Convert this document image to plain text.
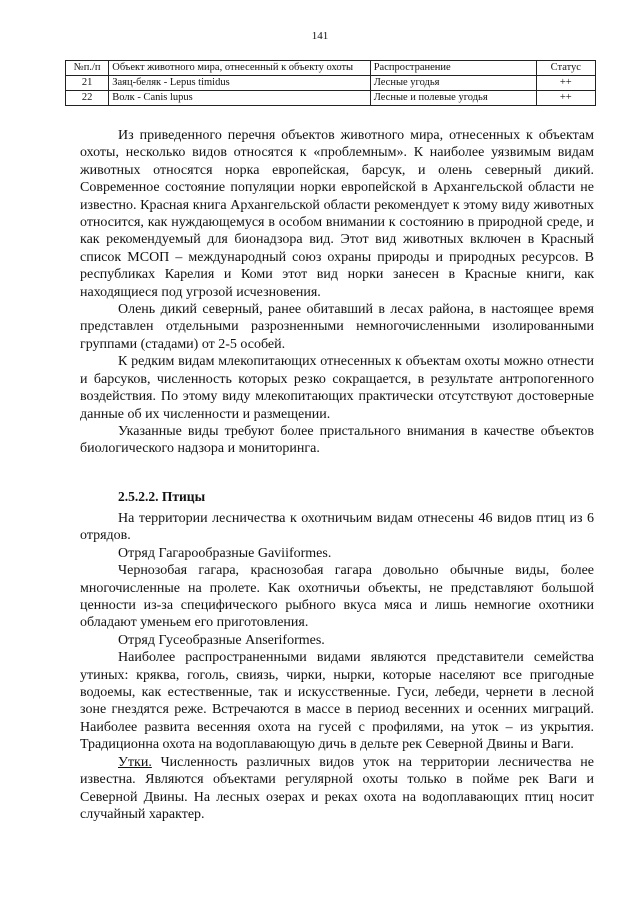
141
№п./п	Объект животного мира, отнесенный к объекту охоты	Распространение	Статус
21	Заяц-беляк - Lepus timidus	Лесные угодья	++
22	Волк - Canis lupus	Лесные и полевые угодья	++

Из приведенного перечня объектов животного мира, отнесенных к объектам охоты, несколько видов относятся к «проблемным». К наиболее уязвимым видам животных относятся норка европейская, барсук, и олень северный дикий. Современное состояние популяции норки европейской в Архангельской области не известно. Красная книга Архангельской области рекомендует к этому виду животных относится, как нуждающемуся в особом внимании к состоянию в природной среде, и как рекомендуемый для бионадзора вид. Этот вид животных включен в Красный список МСОП – международный союз охраны природы и природных ресурсов. В республиках Карелия и Коми этот вид норки занесен в Красные книги, как находящиеся под угрозой исчезновения.

Олень дикий северный, ранее обитавший в лесах района, в настоящее время представлен отдельными разрозненными немногочисленными изолированными группами (стадами) от 2-5 особей.

К редким видам млекопитающих отнесенных к объектам охоты можно отнести и барсуков, численность которых резко сокращается, в результате антропогенного воздействия. По этому виду млекопитающих практически отсутствуют достоверные данные об их численности и размещении.

Указанные виды требуют более пристального внимания в качестве объектов биологического надзора и мониторинга.

2.5.2.2. Птицы

На территории лесничества к охотничьим видам отнесены 46 видов птиц из 6 отрядов.

Отряд Гагарообразные Gaviiformes.

Чернозобая гагара, краснозобая гагара довольно обычные виды, более многочисленные на пролете. Как охотничьи объекты, не представляют большой ценности из-за специфического рыбного вкуса мяса и лишь немногие охотники обладают уменьем его приготовления.

Отряд Гусеобразные Anseriformes.

Наиболее распространенными видами являются представители семейства утиных: кряква, гоголь, свиязь, чирки, нырки, которые населяют все пригодные водоемы, как естественные, так и искусственные. Гуси, лебеди, чернети в лесной зоне гнездятся реже. Встречаются в массе в период весенних и осенних миграций. Наиболее развита весенняя охота на гусей с профилями, на уток – из укрытия. Традиционна охота на водоплавающую дичь в дельте рек Северной Двины и Ваги.

Утки. Численность различных видов уток на территории лесничества не известна. Являются объектами регулярной охоты только в пойме рек Ваги и Северной Двины. На лесных озерах и реках охота на водоплавающих птиц носит случайный характер.
